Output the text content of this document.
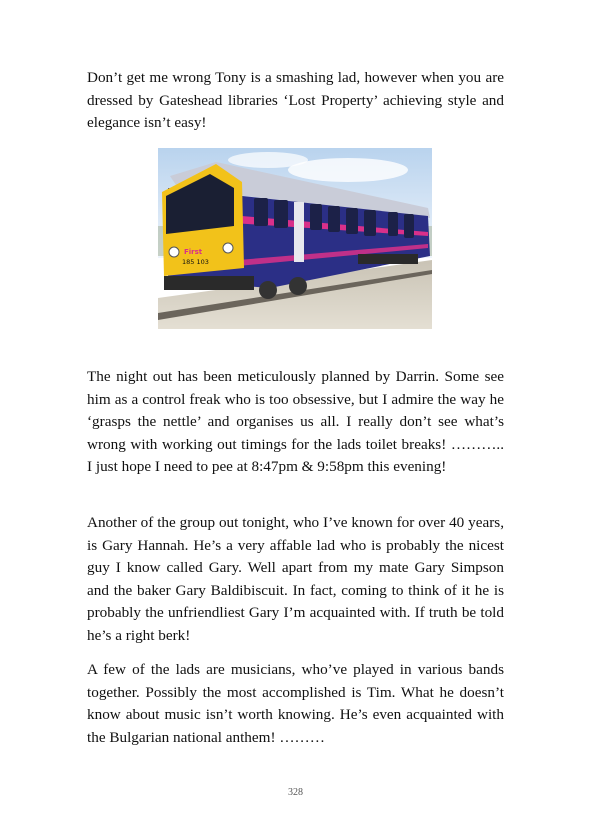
Don’t get me wrong Tony is a smashing lad, however when you are dressed by Gateshead libraries ‘Lost Property’ achieving style and elegance isn’t easy!

First
185 103

The night out has been meticulously planned by Darrin. Some see him as a control freak who is too obsessive, but I admire the way he ‘grasps the nettle’ and organises us all. I really don’t see what’s wrong with working out timings for the lads toilet breaks! ……….. I just hope I need to pee at 8:47pm & 9:58pm this evening!

Another of the group out tonight, who I’ve known for over 40 years, is Gary Hannah. He’s a very affable lad who is probably the nicest guy I know called Gary. Well apart from my mate Gary Simpson and the baker Gary Baldibiscuit. In fact, coming to think of it he is probably the unfriendliest Gary I’m acquainted with. If truth be told he’s a right berk!

A few of the lads are musicians, who’ve played in various bands together. Possibly the most accomplished is Tim. What he doesn’t know about music isn’t worth knowing. He’s even acquainted with the Bulgarian national anthem! ………

328
